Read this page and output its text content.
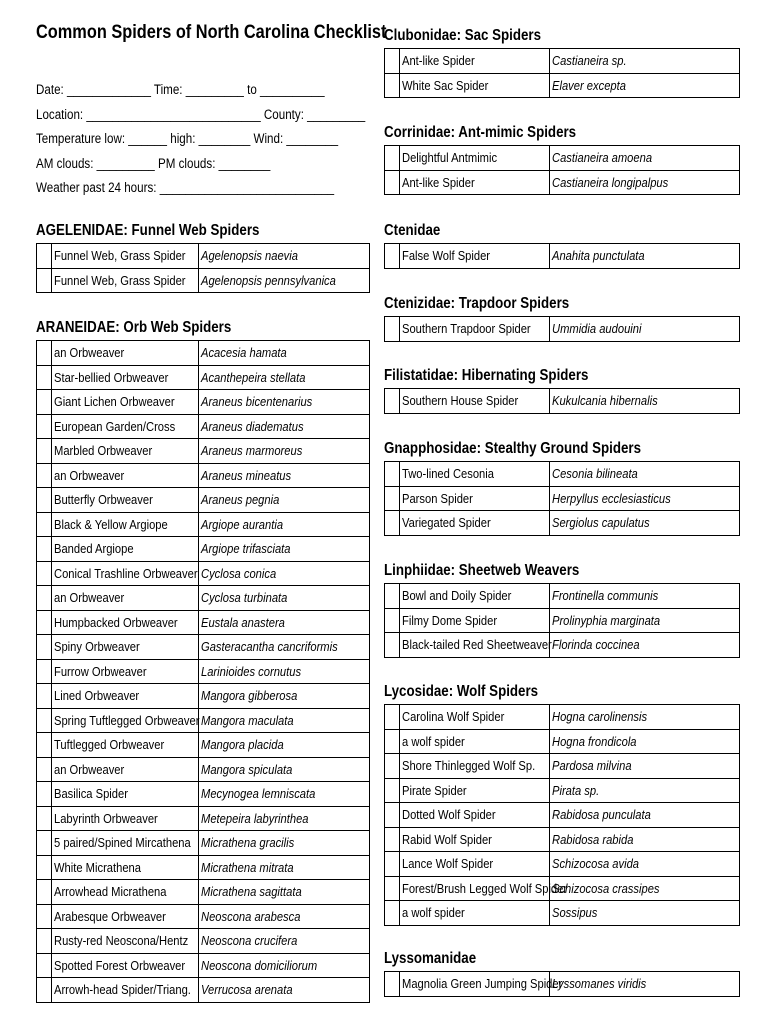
Common Spiders of North Carolina Checklist
Date: _____________ Time: _________ to __________
Location: ___________________________ County: _________
Temperature low: ______ high: ________ Wind: ________
AM clouds: _________ PM clouds: ________
Weather past 24 hours: ___________________________
AGELENIDAE: Funnel Web Spiders
	Funnel Web, Grass Spider	Agelenopsis naevia
	Funnel Web, Grass Spider	Agelenopsis pennsylvanica
ARANEIDAE: Orb Web Spiders
	an Orbweaver	Acacesia hamata
	Star-bellied Orbweaver	Acanthepeira stellata
	Giant Lichen Orbweaver	Araneus bicentenarius
	European Garden/Cross	Araneus diadematus
	Marbled Orbweaver	Araneus marmoreus
	an Orbweaver	Araneus mineatus
	Butterfly Orbweaver	Araneus pegnia
	Black & Yellow Argiope	Argiope aurantia
	Banded Argiope	Argiope trifasciata
	Conical Trashline Orbweaver	Cyclosa conica
	an Orbweaver	Cyclosa turbinata
	Humpbacked Orbweaver	Eustala anastera
	Spiny Orbweaver	Gasteracantha cancriformis
	Furrow Orbweaver	Larinioides cornutus
	Lined Orbweaver	Mangora gibberosa
	Spring Tuftlegged Orbweaver	Mangora maculata
	Tuftlegged Orbweaver	Mangora placida
	an Orbweaver	Mangora spiculata
	Basilica Spider	Mecynogea lemniscata
	Labyrinth Orbweaver	Metepeira labyrinthea
	5 paired/Spined Mircathena	Micrathena gracilis
	White Micrathena	Micrathena mitrata
	Arrowhead Micrathena	Micrathena sagittata
	Arabesque Orbweaver	Neoscona arabesca
	Rusty-red Neoscona/Hentz	Neoscona crucifera
	Spotted Forest Orbweaver	Neoscona domiciliorum
	Arrowh-head Spider/Triang.	Verrucosa arenata
Clubonidae: Sac Spiders
	Ant-like Spider	Castianeira sp.
	White Sac Spider	Elaver excepta
Corrinidae: Ant-mimic Spiders
	Delightful Antmimic	Castianeira amoena
	Ant-like Spider	Castianeira longipalpus
Ctenidae
	False Wolf Spider	Anahita punctulata
Ctenizidae: Trapdoor Spiders
	Southern Trapdoor Spider	Ummidia audouini
Filistatidae: Hibernating Spiders
	Southern House Spider	Kukulcania hibernalis
Gnapphosidae: Stealthy Ground Spiders
	Two-lined Cesonia	Cesonia bilineata
	Parson Spider	Herpyllus ecclesiasticus
	Variegated Spider	Sergiolus capulatus
Linphiidae: Sheetweb Weavers
	Bowl and Doily Spider	Frontinella communis
	Filmy Dome Spider	Prolinyphia marginata
	Black-tailed Red Sheetweaver	Florinda coccinea
Lycosidae: Wolf Spiders
	Carolina Wolf Spider	Hogna carolinensis
	a wolf spider	Hogna frondicola
	Shore Thinlegged Wolf Sp.	Pardosa milvina
	Pirate Spider	Pirata sp.
	Dotted Wolf Spider	Rabidosa punculata
	Rabid Wolf Spider	Rabidosa rabida
	Lance Wolf Spider	Schizocosa avida
	Forest/Brush Legged Wolf Spider	Schizocosa crassipes
	a wolf spider	Sossipus
Lyssomanidae
	Magnolia Green Jumping Spider	Lyssomanes viridis
